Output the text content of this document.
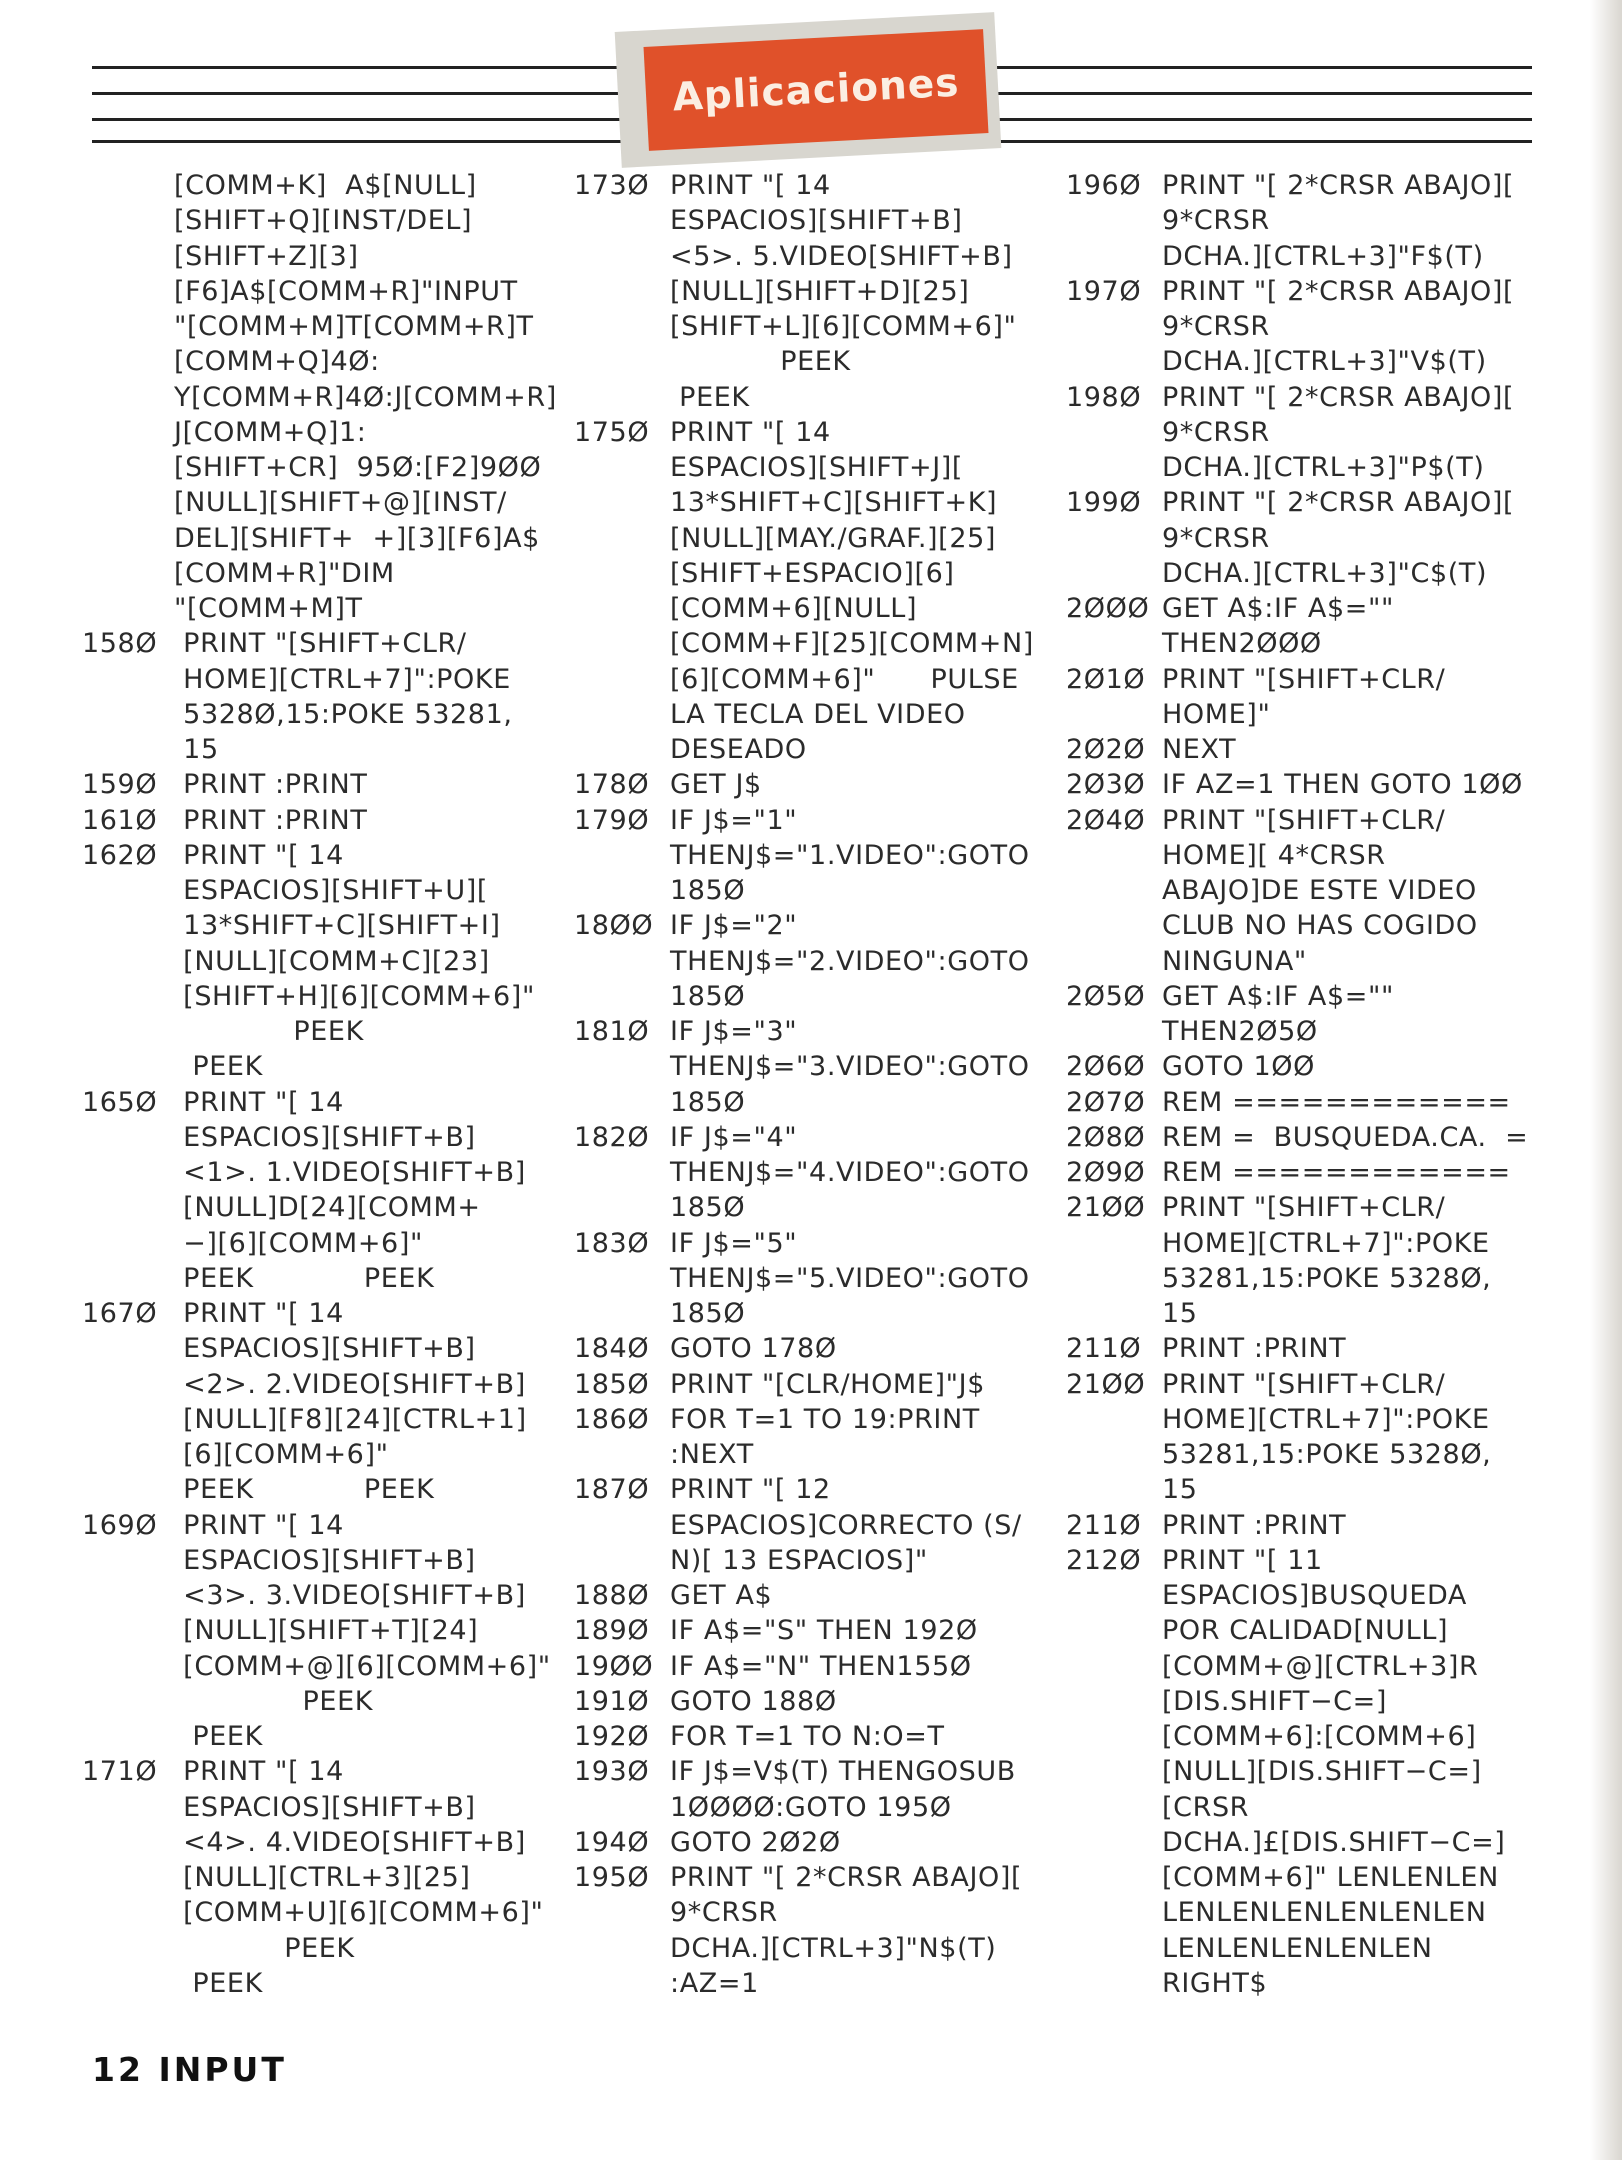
Aplicaciones
[COMM+K]  A$[NULL]
[SHIFT+Q][INST/DEL]
[SHIFT+Z][3]
[F6]A$[COMM+R]"INPUT
"[COMM+M]T[COMM+R]T
[COMM+Q]4Ø:
Y[COMM+R]4Ø:J[COMM+R]
J[COMM+Q]1:
[SHIFT+CR]  95Ø:[F2]9ØØ
[NULL][SHIFT+@][INST/
DEL][SHIFT+  +][3][F6]A$
[COMM+R]"DIM
"[COMM+M]T
158Ø PRINT "[SHIFT+CLR/
HOME][CTRL+7]":POKE
5328Ø,15:POKE 53281,
15
159Ø PRINT :PRINT
161Ø PRINT :PRINT
162Ø PRINT "[ 14
ESPACIOS][SHIFT+U][
13*SHIFT+C][SHIFT+I]
[NULL][COMM+C][23]
[SHIFT+H][6][COMM+6]"
PEEK
PEEK
165Ø PRINT "[ 14
ESPACIOS][SHIFT+B]
<1>. 1.VIDEO[SHIFT+B]
[NULL]D[24][COMM+
−][6][COMM+6]"
PEEK            PEEK
167Ø PRINT "[ 14
ESPACIOS][SHIFT+B]
<2>. 2.VIDEO[SHIFT+B]
[NULL][F8][24][CTRL+1]
[6][COMM+6]"
PEEK            PEEK
169Ø PRINT "[ 14
ESPACIOS][SHIFT+B]
<3>. 3.VIDEO[SHIFT+B]
[NULL][SHIFT+T][24]
[COMM+@][6][COMM+6]"
PEEK
PEEK
171Ø PRINT "[ 14
ESPACIOS][SHIFT+B]
<4>. 4.VIDEO[SHIFT+B]
[NULL][CTRL+3][25]
[COMM+U][6][COMM+6]"
PEEK
PEEK
173Ø PRINT "[ 14
ESPACIOS][SHIFT+B]
<5>. 5.VIDEO[SHIFT+B]
[NULL][SHIFT+D][25]
[SHIFT+L][6][COMM+6]"
PEEK
PEEK
175Ø PRINT "[ 14
ESPACIOS][SHIFT+J][
13*SHIFT+C][SHIFT+K]
[NULL][MAY./GRAF.][25]
[SHIFT+ESPACIO][6]
[COMM+6][NULL]
[COMM+F][25][COMM+N]
[6][COMM+6]"      PULSE
LA TECLA DEL VIDEO
DESEADO
178Ø GET J$
179Ø IF J$="1"
THENJ$="1.VIDEO":GOTO
185Ø
18ØØ IF J$="2"
THENJ$="2.VIDEO":GOTO
185Ø
181Ø IF J$="3"
THENJ$="3.VIDEO":GOTO
185Ø
182Ø IF J$="4"
THENJ$="4.VIDEO":GOTO
185Ø
183Ø IF J$="5"
THENJ$="5.VIDEO":GOTO
185Ø
184Ø GOTO 178Ø
185Ø PRINT "[CLR/HOME]"J$
186Ø FOR T=1 TO 19:PRINT
:NEXT
187Ø PRINT "[ 12
ESPACIOS]CORRECTO (S/
N)[ 13 ESPACIOS]"
188Ø GET A$
189Ø IF A$="S" THEN 192Ø
19ØØ IF A$="N" THEN155Ø
191Ø GOTO 188Ø
192Ø FOR T=1 TO N:O=T
193Ø IF J$=V$(T) THENGOSUB
1ØØØØ:GOTO 195Ø
194Ø GOTO 2Ø2Ø
195Ø PRINT "[ 2*CRSR ABAJO][
9*CRSR
DCHA.][CTRL+3]"N$(T)
:AZ=1
196Ø PRINT "[ 2*CRSR ABAJO][
9*CRSR
DCHA.][CTRL+3]"F$(T)
197Ø PRINT "[ 2*CRSR ABAJO][
9*CRSR
DCHA.][CTRL+3]"V$(T)
198Ø PRINT "[ 2*CRSR ABAJO][
9*CRSR
DCHA.][CTRL+3]"P$(T)
199Ø PRINT "[ 2*CRSR ABAJO][
9*CRSR
DCHA.][CTRL+3]"C$(T)
2ØØØ GET A$:IF A$=""
THEN2ØØØ
2Ø1Ø PRINT "[SHIFT+CLR/
HOME]"
2Ø2Ø NEXT
2Ø3Ø IF AZ=1 THEN GOTO 1ØØ
2Ø4Ø PRINT "[SHIFT+CLR/
HOME][ 4*CRSR
ABAJO]DE ESTE VIDEO
CLUB NO HAS COGIDO
NINGUNA"
2Ø5Ø GET A$:IF A$=""
THEN2Ø5Ø
2Ø6Ø GOTO 1ØØ
2Ø7Ø REM ============
2Ø8Ø REM =  BUSQUEDA.CA.  =
2Ø9Ø REM ============
21ØØ PRINT "[SHIFT+CLR/
HOME][CTRL+7]":POKE
53281,15:POKE 5328Ø,
15
211Ø PRINT :PRINT
21ØØ PRINT "[SHIFT+CLR/
HOME][CTRL+7]":POKE
53281,15:POKE 5328Ø,
15
211Ø PRINT :PRINT
212Ø PRINT "[ 11
ESPACIOS]BUSQUEDA
POR CALIDAD[NULL]
[COMM+@][CTRL+3]R
[DIS.SHIFT−C=]
[COMM+6]:[COMM+6]
[NULL][DIS.SHIFT−C=]
[CRSR
DCHA.]£[DIS.SHIFT−C=]
[COMM+6]" LENLENLEN
LENLENLENLENLENLEN
LENLENLENLENLEN
RIGHT$
12 INPUT
